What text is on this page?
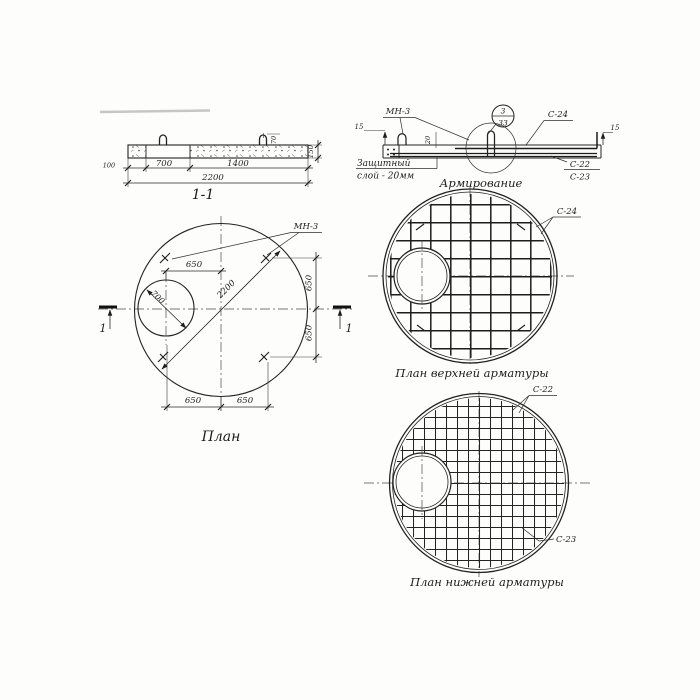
70
150
100	700	1400
2200
1-1
15
МН-3
20
3
33
С-24
15
С-22
С-23
Защитный
слой - 20мм Армирование
650
2200
700
МН-3
650
650
650	650
1	1
План
С-24
План верхней арматуры
С-22
С-23
План нижней арматуры
